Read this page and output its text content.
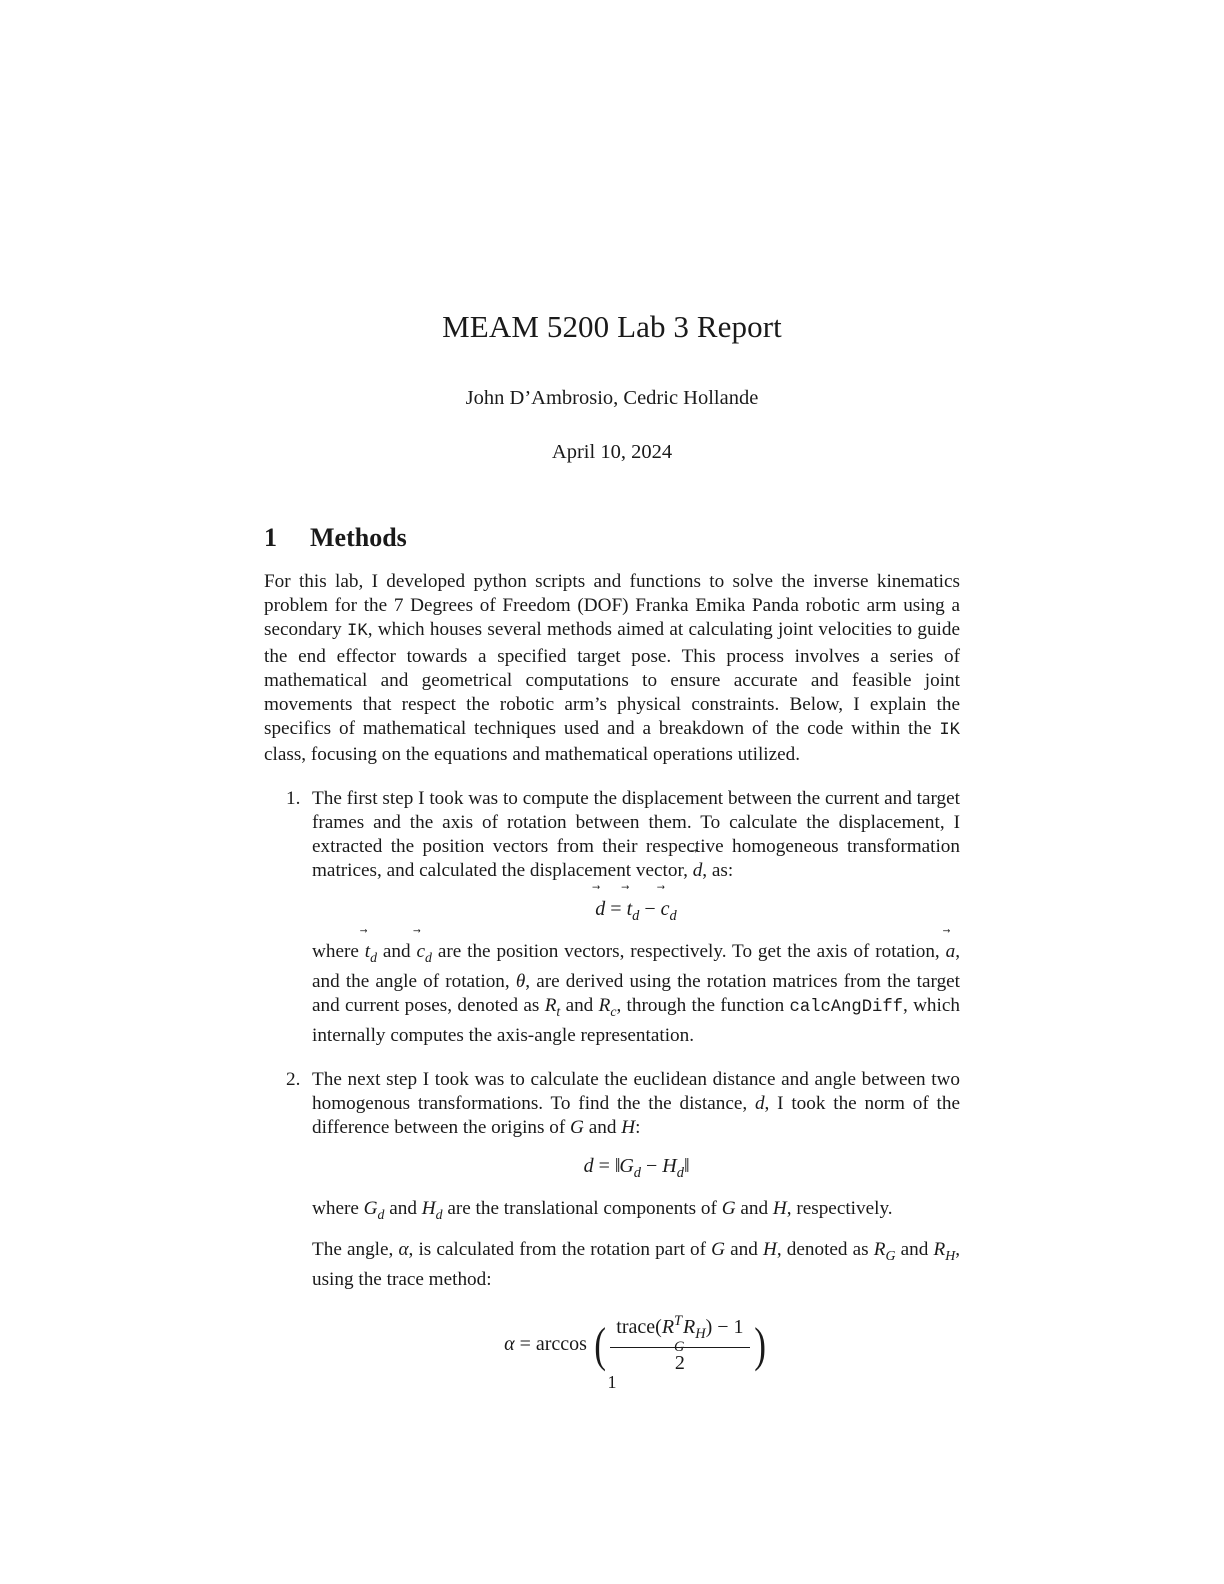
MEAM 5200 Lab 3 Report

John D’Ambrosio, Cedric Hollande

April 10, 2024

1	Methods

For this lab, I developed python scripts and functions to solve the inverse kinematics problem for the 7 Degrees of Freedom (DOF) Franka Emika Panda robotic arm using a secondary IK, which houses several methods aimed at calculating joint velocities to guide the end effector towards a specified target pose. This process involves a series of mathematical and geometrical computations to ensure accurate and feasible joint movements that respect the robotic arm’s physical constraints. Below, I explain the specifics of mathematical techniques used and a breakdown of the code within the IK class, focusing on the equations and mathematical operations utilized.

1. The first step I took was to compute the displacement between the current and target frames and the axis of rotation between them. To calculate the displacement, I extracted the position vectors from their respective homogeneous transformation matrices, and calculated the displacement vector,
d, as:

$d = t_d - c_d$

where
$t_d$ and
$c_d$ are the position vectors, respectively. To get the axis of rotation,
a, and the angle of rotation, θ, are derived using the rotation matrices from the target and current poses, denoted as $R_t$ and $R_c$, through the function calcAngDiff, which internally computes the axis-angle representation.

2. The next step I took was to calculate the euclidean distance and angle between two homogenous transformations. To find the the distance, d, I took the norm of the difference between the origins of G and H:

$d = ‖G_d$ − $H_d‖$

where $G_d$ and $H_d$ are the translational components of G and H, respectively.

The angle, α, is calculated from the rotation part of G and H, denoted as $R_G$ and $R_H$, using the trace method:

α = arccos ( trace(R T
G
$R_H) - 1$
2 )
1
